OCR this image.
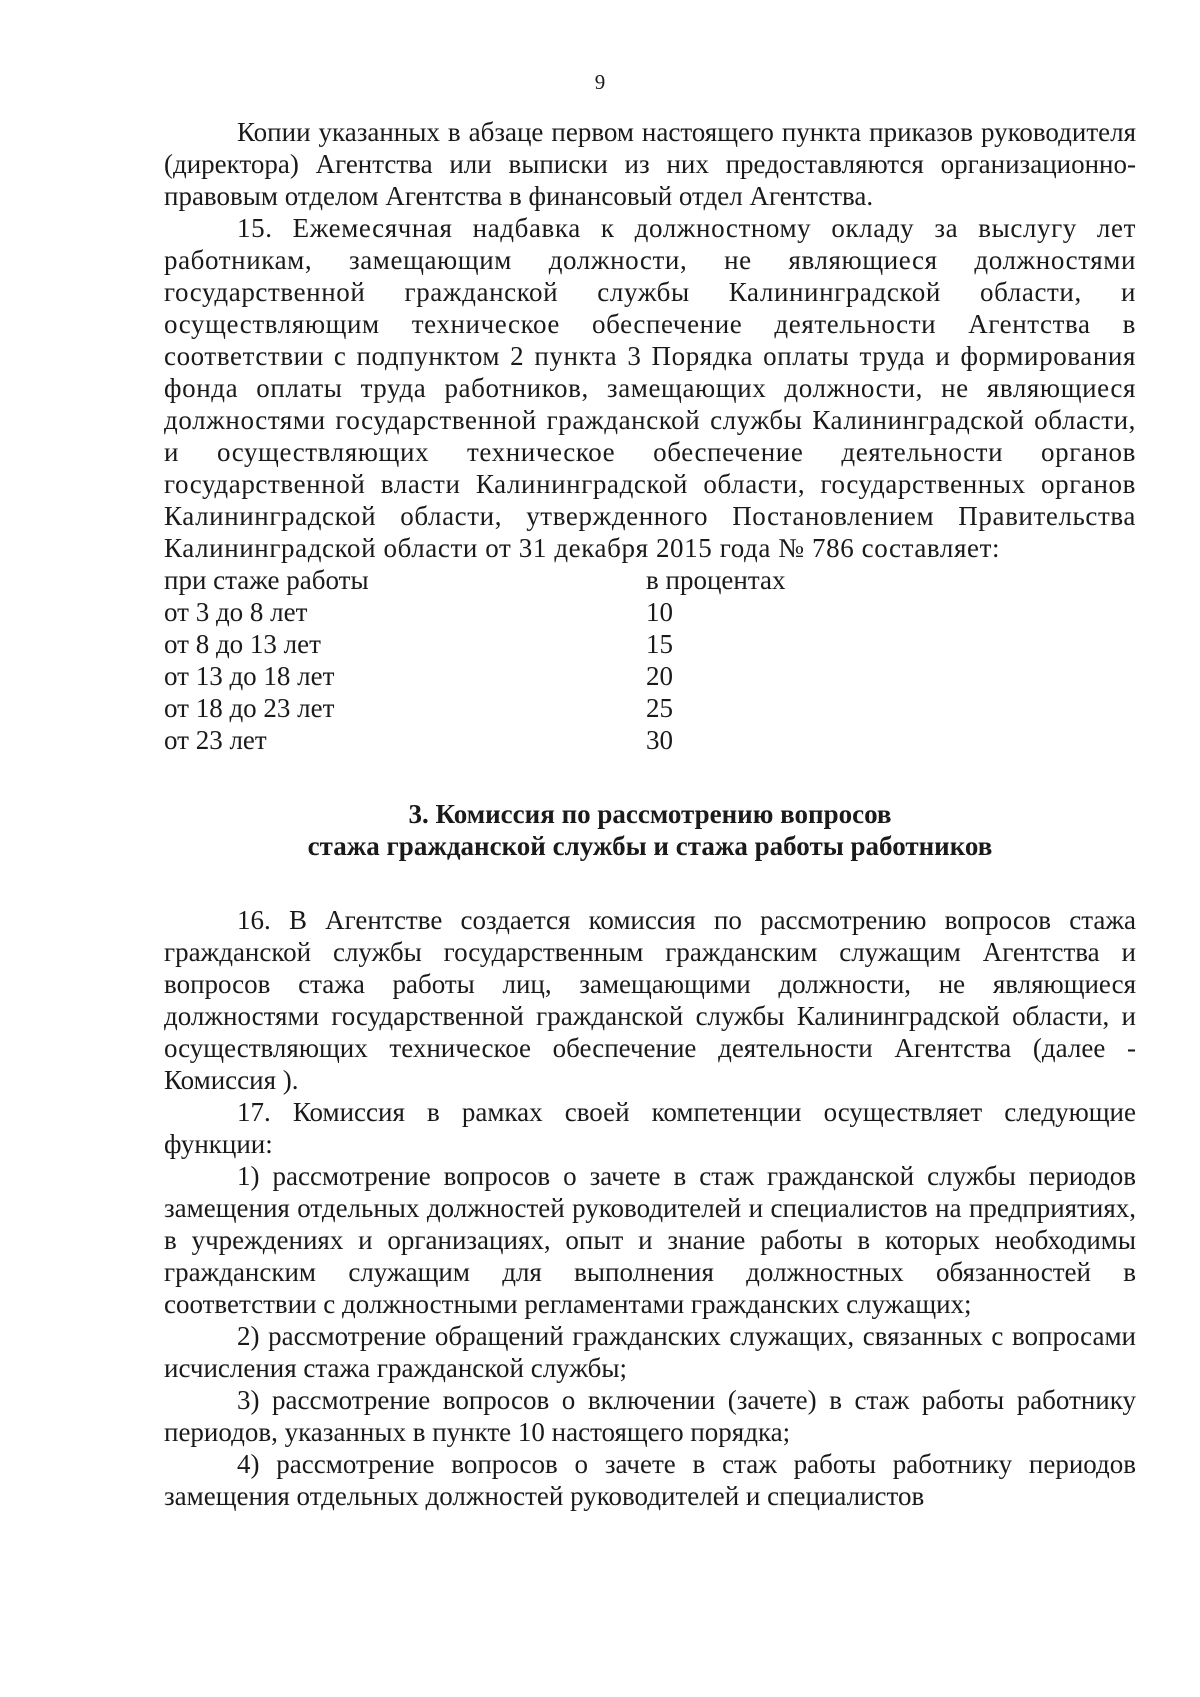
9

Копии указанных в абзаце первом настоящего пункта приказов руководителя (директора) Агентства или выписки из них предоставляются организационно-правовым отделом Агентства в финансовый отдел Агентства.

15. Ежемесячная надбавка к должностному окладу за выслугу лет работникам, замещающим должности, не являющиеся должностями государственной гражданской службы Калининградской области, и осуществляющим техническое обеспечение деятельности Агентства в соответствии с подпунктом 2 пункта 3 Порядка оплаты труда и формирования фонда оплаты труда работников, замещающих должности, не являющиеся должностями государственной гражданской службы Калининградской области, и осуществляющих техническое обеспечение деятельности органов государственной власти Калининградской области, государственных органов Калининградской области, утвержденного Постановлением Правительства Калининградской области от 31 декабря 2015 года № 786 составляет:

при стаже работы	в процентах
от 3 до 8 лет	10
от 8 до 13 лет	15
от 13 до 18 лет	20
от 18 до 23 лет	25
от 23 лет	30
3. Комиссия по рассмотрению вопросов
стажа гражданской службы и стажа работы работников

16. В Агентстве создается комиссия по рассмотрению вопросов стажа гражданской службы государственным гражданским служащим Агентства и вопросов стажа работы лиц, замещающими должности, не являющиеся должностями государственной гражданской службы Калининградской области, и осуществляющих техническое обеспечение деятельности Агентства (далее - Комиссия ).

17. Комиссия в рамках своей компетенции осуществляет следующие функции:

1) рассмотрение вопросов о зачете в стаж гражданской службы периодов замещения отдельных должностей руководителей и специалистов на предприятиях, в учреждениях и организациях, опыт и знание работы в которых необходимы гражданским служащим для выполнения должностных обязанностей в соответствии с должностными регламентами гражданских служащих;

2) рассмотрение обращений гражданских служащих, связанных с вопросами исчисления стажа гражданской службы;

3) рассмотрение вопросов о включении (зачете) в стаж работы работнику периодов, указанных в пункте 10 настоящего порядка;

4) рассмотрение вопросов о зачете в стаж работы работнику периодов замещения отдельных должностей руководителей и специалистов
